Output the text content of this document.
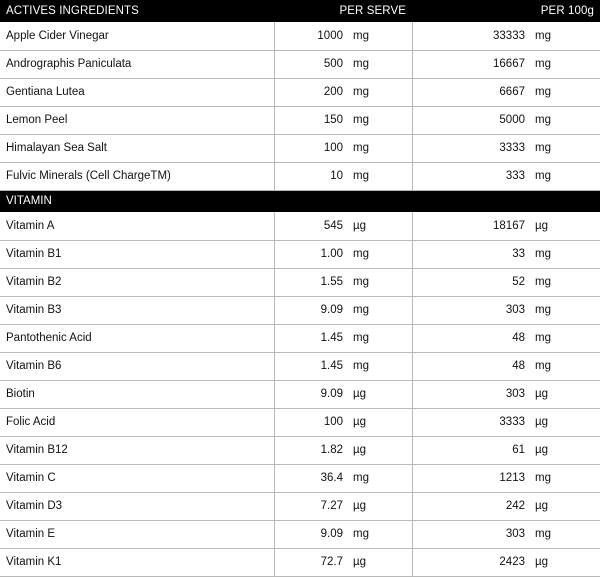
ACTIVES INGREDIENTS	PER SERVE		PER 100g	
Apple Cider Vinegar	1000	mg	33333	mg
Andrographis Paniculata	500	mg	16667	mg
Gentiana Lutea	200	mg	6667	mg
Lemon Peel	150	mg	5000	mg
Himalayan Sea Salt	100	mg	3333	mg
Fulvic Minerals (Cell ChargeTM)	10	mg	333	mg
VITAMIN				
Vitamin A	545	µg	18167	µg
Vitamin B1	1.00	mg	33	mg
Vitamin B2	1.55	mg	52	mg
Vitamin B3	9.09	mg	303	mg
Pantothenic Acid	1.45	mg	48	mg
Vitamin B6	1.45	mg	48	mg
Biotin	9.09	µg	303	µg
Folic Acid	100	µg	3333	µg
Vitamin B12	1.82	µg	61	µg
Vitamin C	36.4	mg	1213	mg
Vitamin D3	7.27	µg	242	µg
Vitamin E	9.09	mg	303	mg
Vitamin K1	72.7	µg	2423	µg
